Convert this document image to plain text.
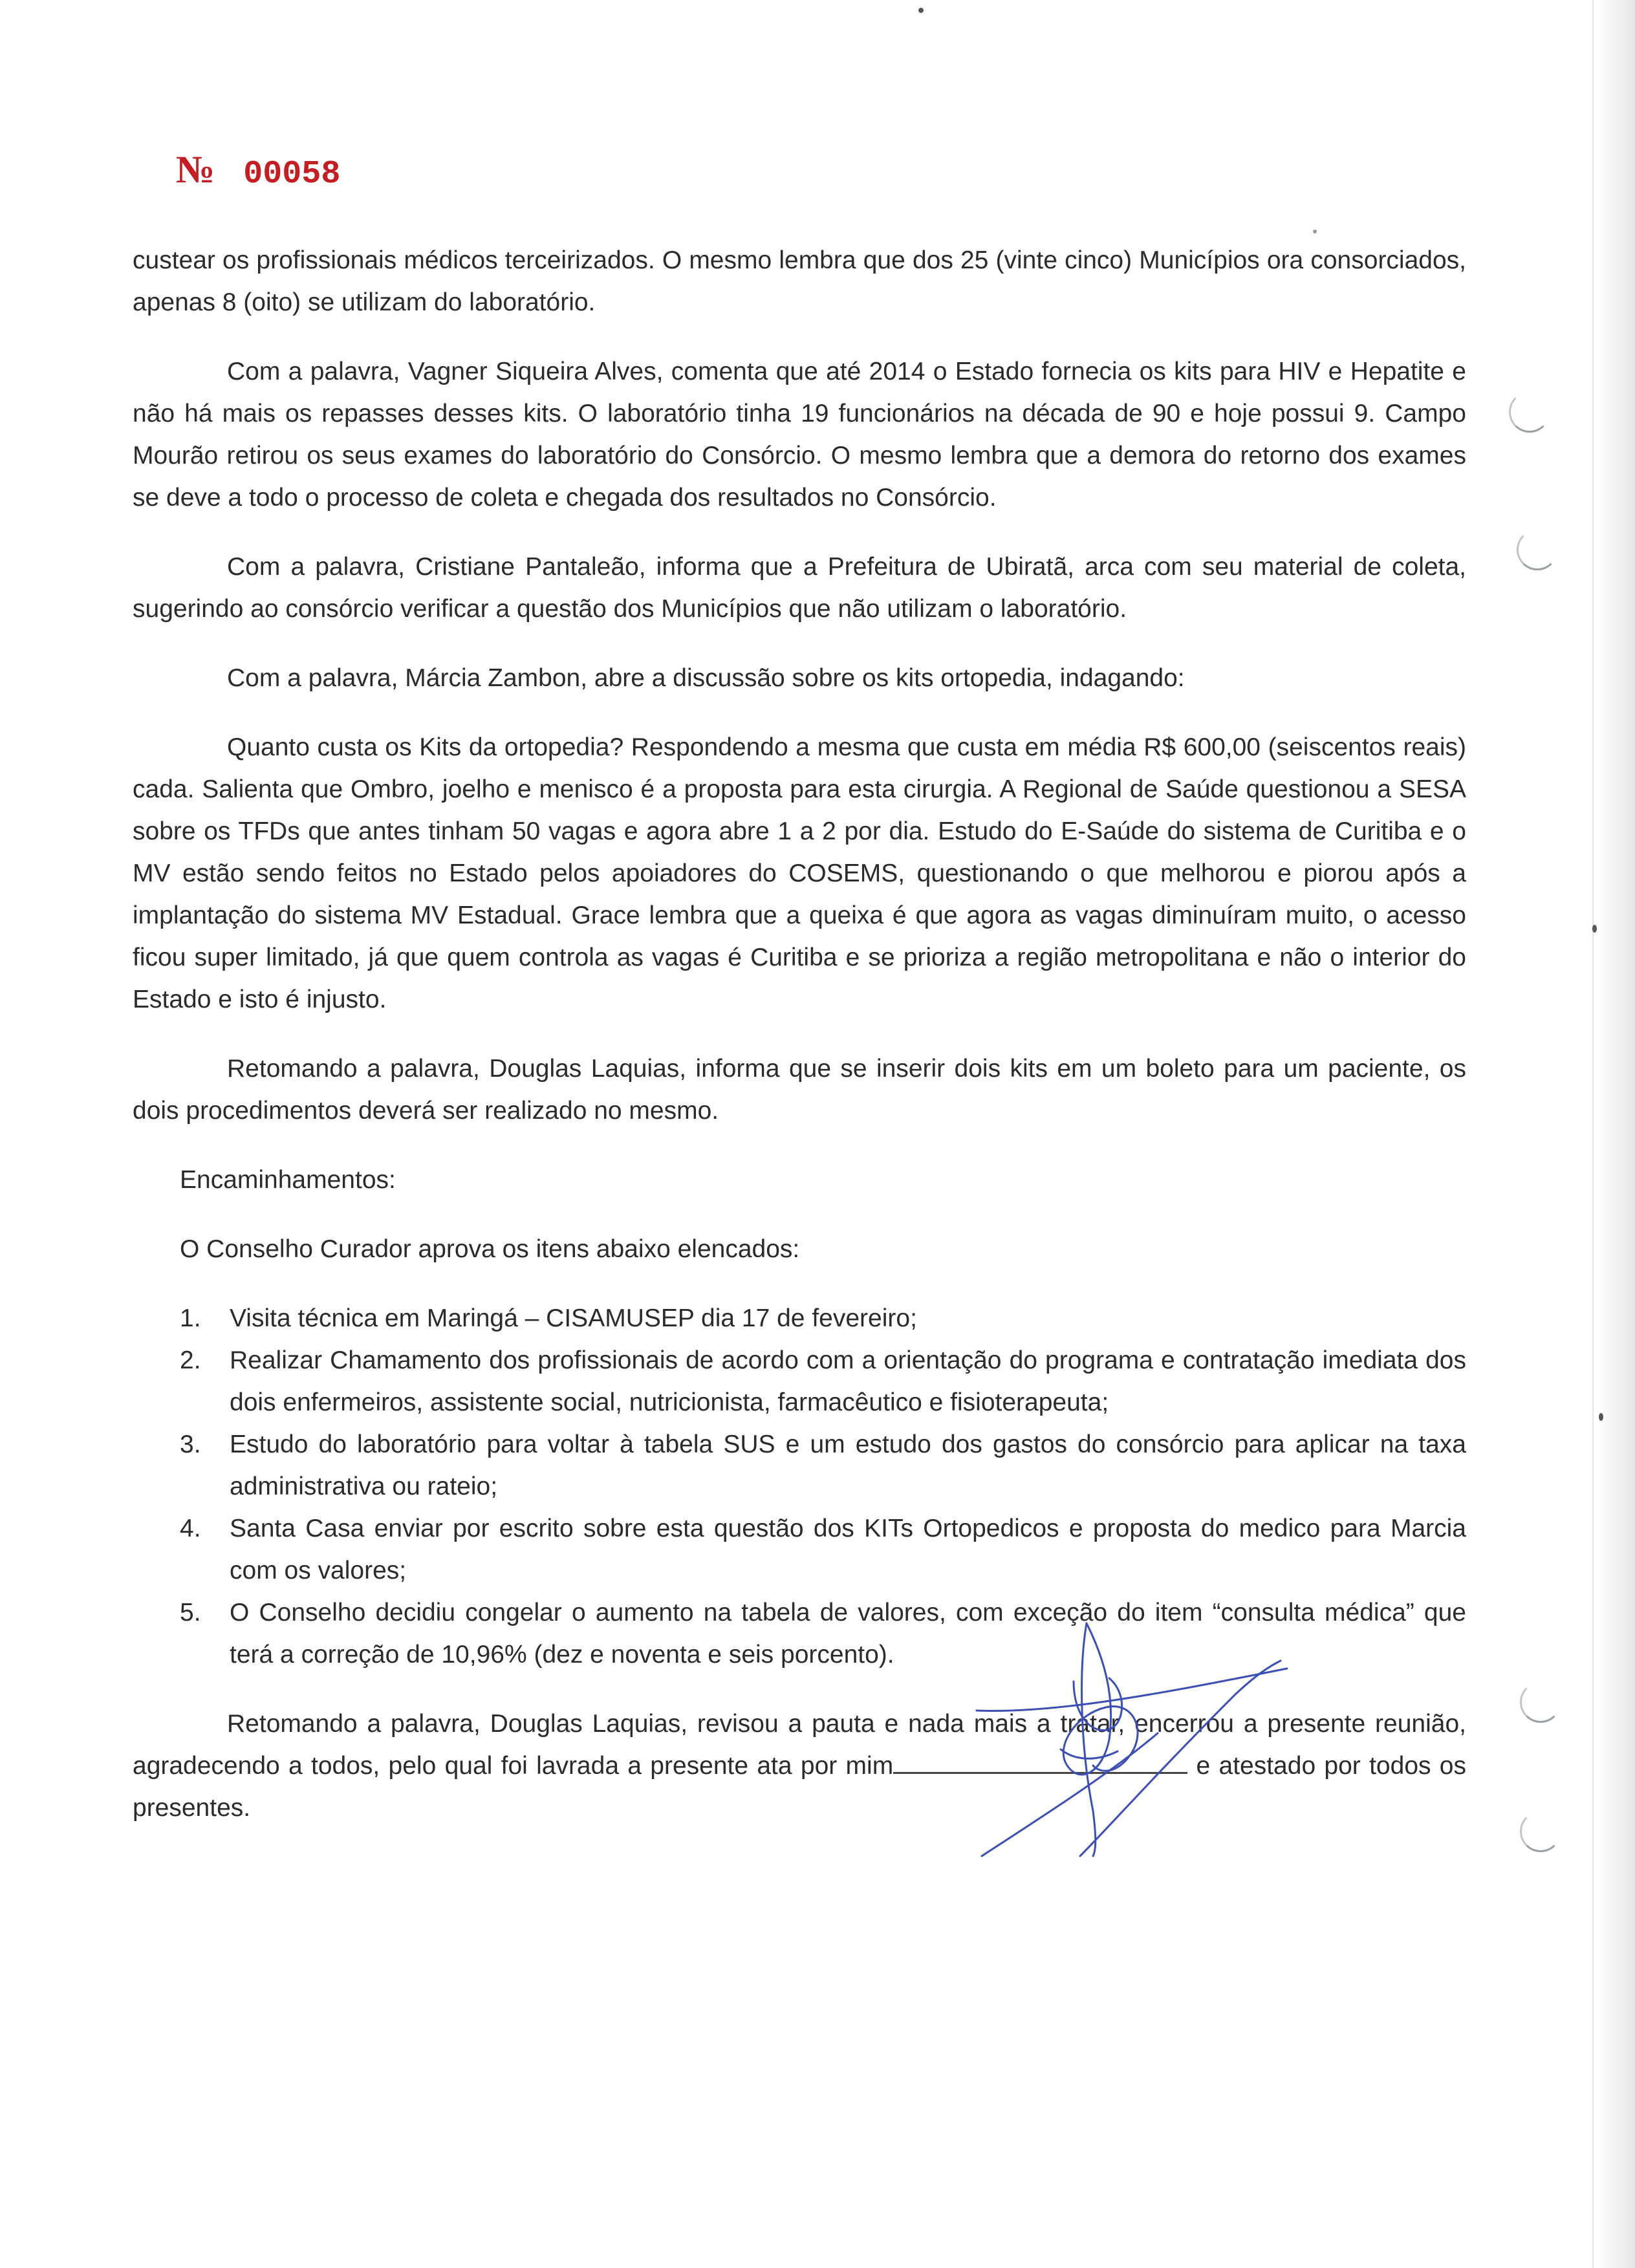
№ 00058

custear os profissionais médicos terceirizados. O mesmo lembra que dos 25 (vinte cinco) Municípios ora consorciados, apenas 8 (oito) se utilizam do laboratório.

Com a palavra, Vagner Siqueira Alves, comenta que até 2014 o Estado fornecia os kits para HIV e Hepatite e não há mais os repasses desses kits. O laboratório tinha 19 funcionários na década de 90 e hoje possui 9. Campo Mourão retirou os seus exames do laboratório do Consórcio. O mesmo lembra que a demora do retorno dos exames se deve a todo o processo de coleta e chegada dos resultados no Consórcio.

Com a palavra, Cristiane Pantaleão, informa que a Prefeitura de Ubiratã, arca com seu material de coleta, sugerindo ao consórcio verificar a questão dos Municípios que não utilizam o laboratório.

Com a palavra, Márcia Zambon, abre a discussão sobre os kits ortopedia, indagando:

Quanto custa os Kits da ortopedia? Respondendo a mesma que custa em média R$ 600,00 (seiscentos reais) cada. Salienta que Ombro, joelho e menisco é a proposta para esta cirurgia. A Regional de Saúde questionou a SESA sobre os TFDs que antes tinham 50 vagas e agora abre 1 a 2 por dia. Estudo do E-Saúde do sistema de Curitiba e o MV estão sendo feitos no Estado pelos apoiadores do COSEMS, questionando o que melhorou e piorou após a implantação do sistema MV Estadual. Grace lembra que a queixa é que agora as vagas diminuíram muito, o acesso ficou super limitado, já que quem controla as vagas é Curitiba e se prioriza a região metropolitana e não o interior do Estado e isto é injusto.

Retomando a palavra, Douglas Laquias, informa que se inserir dois kits em um boleto para um paciente, os dois procedimentos deverá ser realizado no mesmo.

Encaminhamentos:

O Conselho Curador aprova os itens abaixo elencados:

1.	Visita técnica em Maringá – CISAMUSEP dia 17 de fevereiro;
2.	Realizar Chamamento dos profissionais de acordo com a orientação do programa e contratação imediata dos dois enfermeiros, assistente social, nutricionista, farmacêutico e fisioterapeuta;
3.	Estudo do laboratório para voltar à tabela SUS e um estudo dos gastos do consórcio para aplicar na taxa administrativa ou rateio;
4.	Santa Casa enviar por escrito sobre esta questão dos KITs Ortopedicos e proposta do medico para Marcia com os valores;
5.	O Conselho decidiu congelar o aumento na tabela de valores, com exceção do item “consulta médica” que terá a correção de 10,96% (dez e noventa e seis porcento).

Retomando a palavra, Douglas Laquias, revisou a pauta e nada mais a tratar, encerrou a presente reunião, agradecendo a todos, pelo qual foi lavrada a presente ata por mim	e atestado por todos os presentes.
